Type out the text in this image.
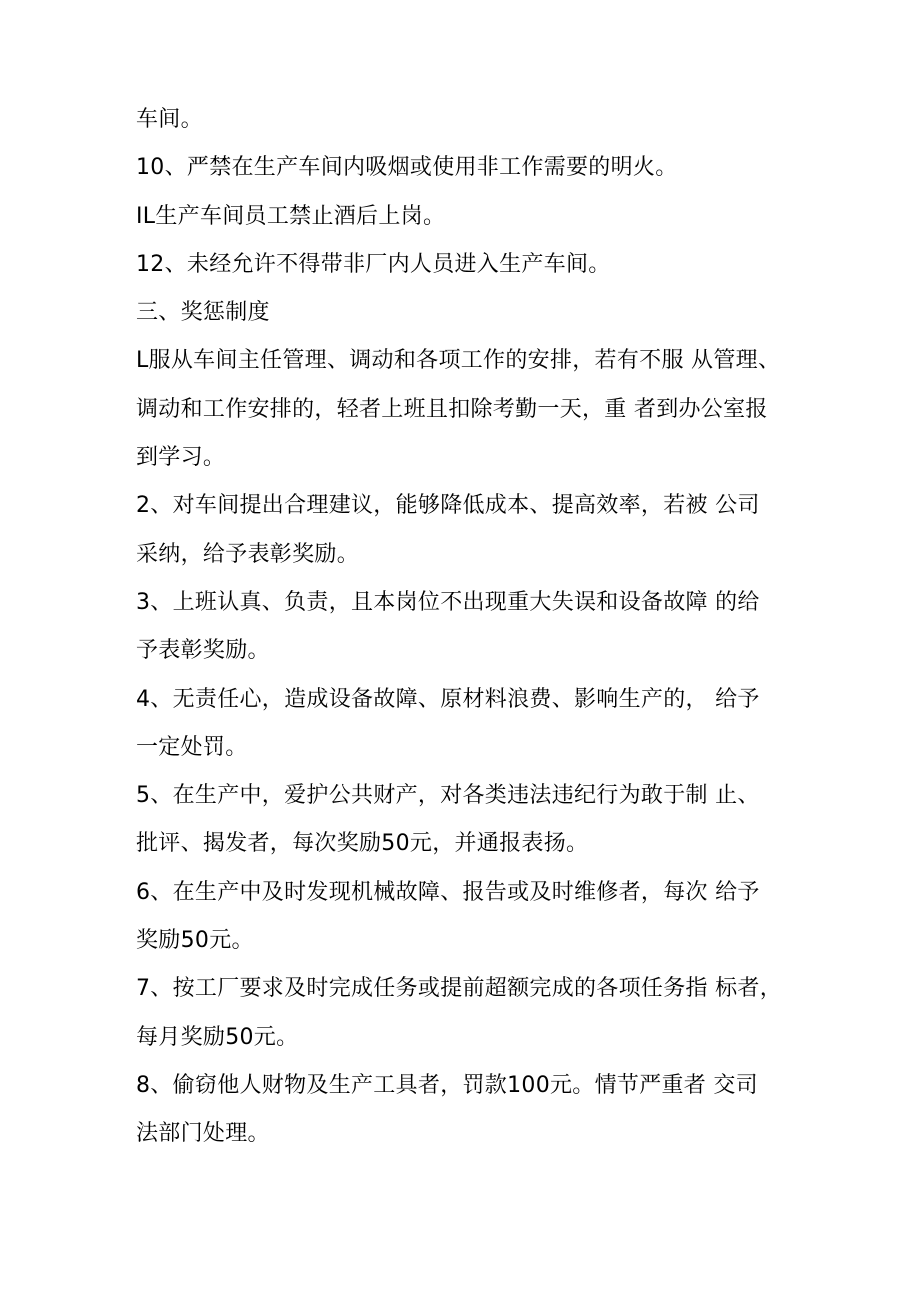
车间。
10、严禁在生产车间内吸烟或使用非工作需要的明火。
IL生产车间员工禁止酒后上岗。
12、未经允许不得带非厂内人员进入生产车间。
三、奖惩制度
L服从车间主任管理、调动和各项工作的安排，若有不服 从管理、
调动和工作安排的，轻者上班且扣除考勤一天，重 者到办公室报
到学习。
2、对车间提出合理建议，能够降低成本、提高效率，若被 公司
采纳，给予表彰奖励。
3、上班认真、负责，且本岗位不出现重大失误和设备故障 的给
予表彰奖励。
4、无责任心，造成设备故障、原材料浪费、影响生产的， 给予
一定处罚。
5、在生产中，爱护公共财产，对各类违法违纪行为敢于制 止、
批评、揭发者，每次奖励50元，并通报表扬。
6、在生产中及时发现机械故障、报告或及时维修者，每次 给予
奖励50元。
7、按工厂要求及时完成任务或提前超额完成的各项任务指 标者，
每月奖励50元。
8、偷窃他人财物及生产工具者，罚款100元。情节严重者 交司
法部门处理。
